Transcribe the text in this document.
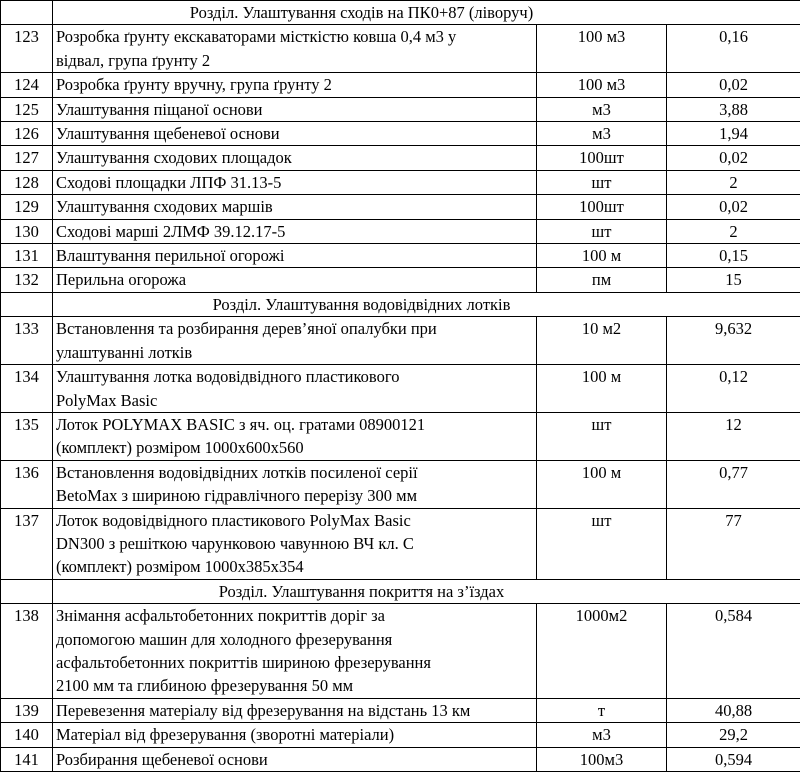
	Розділ. Улаштування сходів на ПК0+87 (ліворуч)		
123	Розробка ґрунту екскаваторами місткістю ковша 0,4 м3 у
відвал, група ґрунту 2	100 м3	0,16
124	Розробка ґрунту вручну, група ґрунту 2	100 м3	0,02
125	Улаштування піщаної основи	м3	3,88
126	Улаштування щебеневої основи	м3	1,94
127	Улаштування сходових площадок	100шт	0,02
128	Сходові площадки ЛПФ 31.13-5	шт	2
129	Улаштування сходових маршів	100шт	0,02
130	Сходові марші 2ЛМФ 39.12.17-5	шт	2
131	Влаштування перильної огорожі	100 м	0,15
132	Перильна огорожа	пм	15
	Розділ. Улаштування водовідвідних лотків		
133	Встановлення та розбирання дерев’яної опалубки при
улаштуванні лотків	10 м2	9,632
134	Улаштування лотка водовідвідного пластикового
PolyMax Basic	100 м	0,12
135	Лоток POLYMAX BASIC з яч. оц. гратами 08900121
(комплект) розміром 1000x600x560	шт	12
136	Встановлення водовідвідних лотків посиленої серії
BetoMax з шириною гідравлічного перерізу 300 мм	100 м	0,77
137	Лоток водовідвідного пластикового PolyMax Basic
DN300 з решіткою чарунковою чавунною ВЧ кл. С
(комплект) розміром 1000x385x354	шт	77
	Розділ. Улаштування покриття на з’їздах		
138	Знімання асфальтобетонних покриттів доріг за
допомогою машин для холодного фрезерування
асфальтобетонних покриттів шириною фрезерування
2100 мм та глибиною фрезерування 50 мм	1000м2	0,584
139	Перевезення матеріалу від фрезерування на відстань 13 км	т	40,88
140	Матеріал від фрезерування (зворотні матеріали)	м3	29,2
141	Розбирання щебеневої основи	100м3	0,594
